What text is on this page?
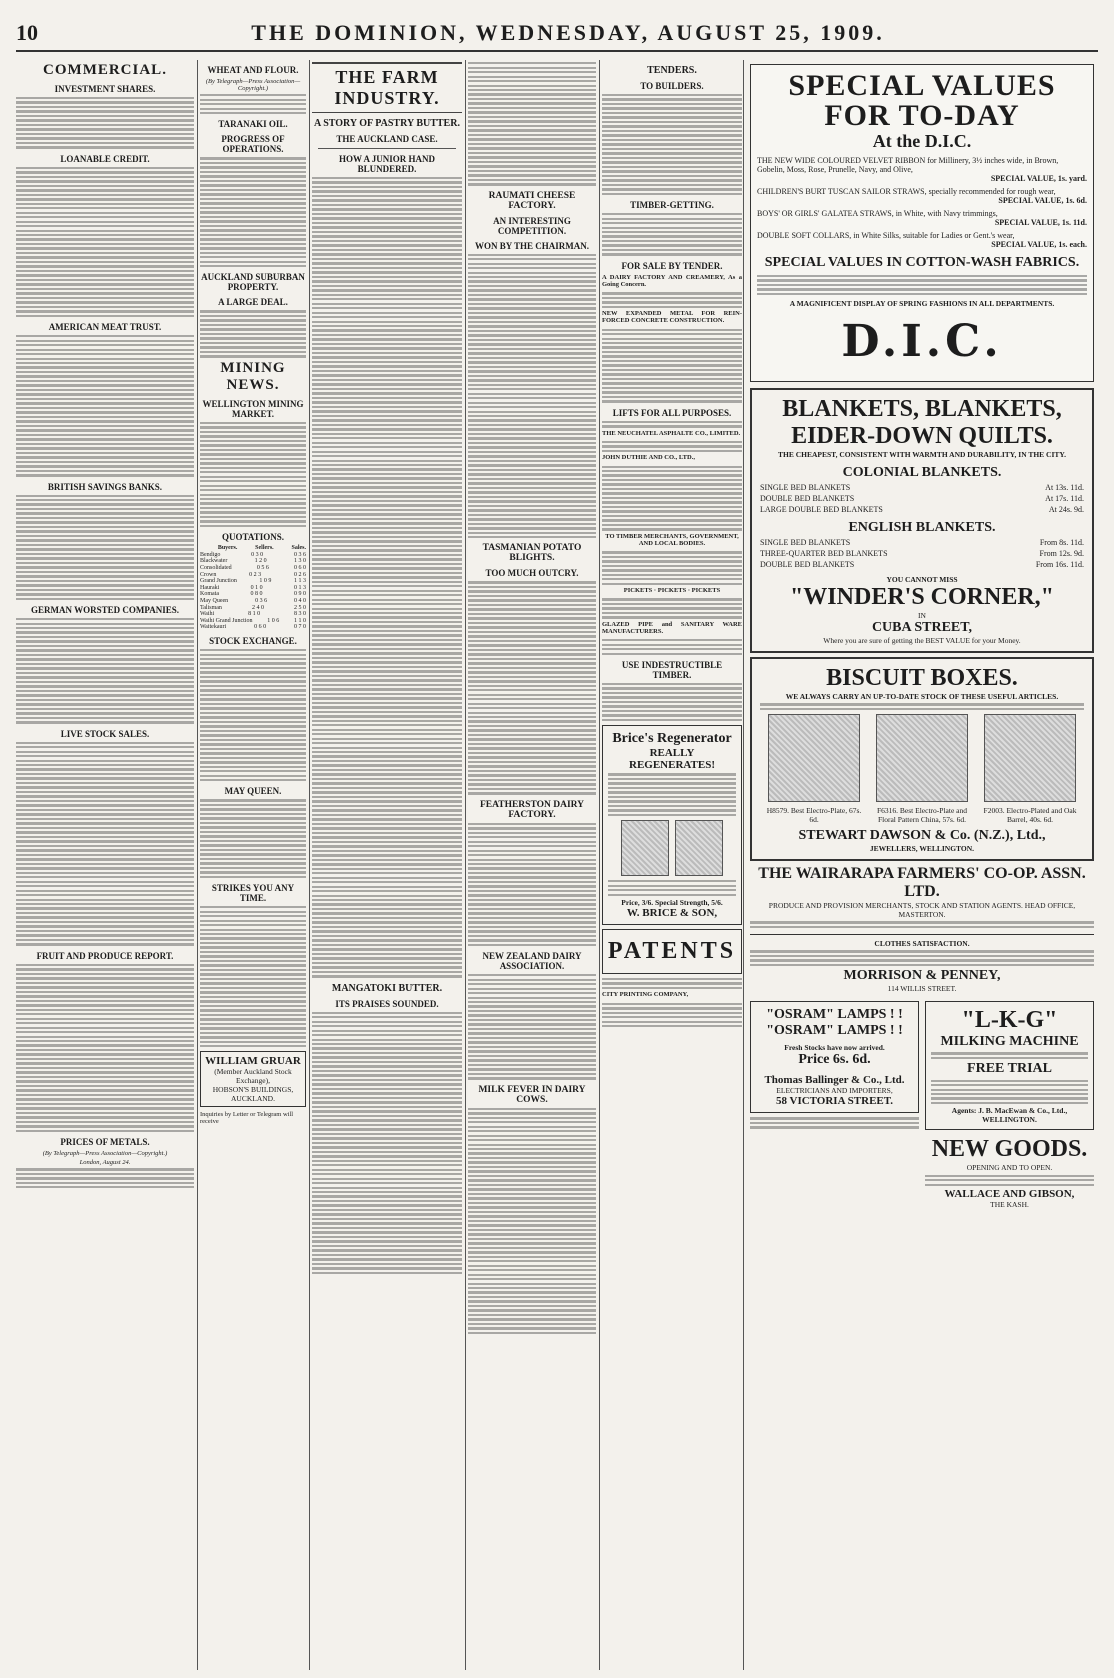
10	THE DOMINION, WEDNESDAY, AUGUST 25, 1909.
COMMERCIAL.
INVESTMENT SHARES.
LOANABLE CREDIT.
AMERICAN MEAT TRUST.
BRITISH SAVINGS BANKS.
GERMAN WORSTED COMPANIES.
LIVE STOCK SALES.
FRUIT AND PRODUCE REPORT.
PRICES OF METALS.
(By Telegraph—Press Association—Copyright.)
London, August 24.
WHEAT AND FLOUR.
(By Telegraph—Press Association—Copyright.)
TARANAKI OIL.
PROGRESS OF OPERATIONS.
AUCKLAND SUBURBAN PROPERTY.
A LARGE DEAL.
MINING NEWS.
WELLINGTON MINING MARKET.
QUOTATIONS.
Buyers.	Sellers.	Sales.
Bendigo	0 3 0	0 3 6
Blackwater	1 2 0	1 3 0
Consolidated	0 5 6	0 6 0
Crown	0 2 3	0 2 6
Grand Junction	1 0 9	1 1 3
Hauraki	0 1 0	0 1 3
Komata	0 8 0	0 9 0
May Queen	0 3 6	0 4 0
Talisman	2 4 0	2 5 0
Waihi	8 1 0	8 3 0
Waihi Grand Junction 1 0 6 1 1 0
Waitekauri	0 6 0	0 7 0
STOCK EXCHANGE.
MAY QUEEN.
STRIKES YOU ANY TIME.
WILLIAM GRUAR
(Member Auckland Stock Exchange),
HOBSON'S BUILDINGS, AUCKLAND.
Inquiries by Letter or Telegram will receive
THE FARM INDUSTRY.
A STORY OF PASTRY BUTTER.
THE AUCKLAND CASE.
HOW A JUNIOR HAND BLUNDERED.
MANGATOKI BUTTER.
ITS PRAISES SOUNDED.
RAUMATI CHEESE FACTORY.
AN INTERESTING COMPETITION.
WON BY THE CHAIRMAN.
TASMANIAN POTATO BLIGHTS.
TOO MUCH OUTCRY.
FEATHERSTON DAIRY FACTORY.
NEW ZEALAND DAIRY ASSOCIATION.
MILK FEVER IN DAIRY COWS.
TENDERS.
TO BUILDERS.
TIMBER-GETTING.
FOR SALE BY TENDER.
A DAIRY FACTORY AND CREAMERY, As a Going Concern.
NEW EXPANDED METAL FOR REIN-FORCED CONCRETE CONSTRUCTION.
LIFTS FOR ALL PURPOSES.
THE NEUCHATEL ASPHALTE CO., LIMITED.
JOHN DUTHIE AND CO., LTD.,
TO TIMBER MERCHANTS, GOVERNMENT, AND LOCAL BODIES.
PICKETS · PICKETS · PICKETS
GLAZED PIPE and SANITARY WARE MANUFACTURERS.
USE INDESTRUCTIBLE TIMBER.
Brice's Regenerator
REALLY REGENERATES!
Price, 3/6. Special Strength, 5/6.
W. BRICE & SON,
PATENTS
CITY PRINTING COMPANY,
SPECIAL VALUES FOR TO-DAY
At the D.I.C.
THE NEW WIDE COLOURED VELVET RIBBON for Millinery, 3½ inches wide, in Brown, Gobelin, Moss, Rose, Prunelle, Navy, and Olive,
SPECIAL VALUE, 1s. yard.
CHILDREN'S BURT TUSCAN SAILOR STRAWS, specially recommended for rough wear,
SPECIAL VALUE, 1s. 6d.
BOYS' OR GIRLS' GALATEA STRAWS, in White, with Navy trimmings,
SPECIAL VALUE, 1s. 11d.
DOUBLE SOFT COLLARS, in White Silks, suitable for Ladies or Gent.'s wear,
SPECIAL VALUE, 1s. each.
SPECIAL VALUES IN COTTON-WASH FABRICS.
A MAGNIFICENT DISPLAY OF SPRING FASHIONS IN ALL DEPARTMENTS.
D.I.C.
BLANKETS, BLANKETS,
EIDER-DOWN QUILTS.
THE CHEAPEST, CONSISTENT WITH WARMTH AND DURABILITY, IN THE CITY.
COLONIAL BLANKETS.
SINGLE BED BLANKETS	At 13s. 11d.
DOUBLE BED BLANKETS	At 17s. 11d.
LARGE DOUBLE BED BLANKETS	At 24s. 9d.
ENGLISH BLANKETS.
SINGLE BED BLANKETS	From 8s. 11d.
THREE-QUARTER BED BLANKETS	From 12s. 9d.
DOUBLE BED BLANKETS	From 16s. 11d.
YOU CANNOT MISS
"WINDER'S CORNER,"
IN
CUBA STREET,
Where you are sure of getting the BEST VALUE for your Money.
BISCUIT BOXES.
WE ALWAYS CARRY AN UP-TO-DATE STOCK OF THESE USEFUL ARTICLES.
H8579. Best Electro-Plate, 67s. 6d.
F6316. Best Electro-Plate and Floral Pattern China, 57s. 6d.
F2003. Electro-Plated and Oak Barrel, 40s. 6d.
STEWART DAWSON & Co. (N.Z.), Ltd.,
JEWELLERS, WELLINGTON.
THE WAIRARAPA FARMERS' CO-OP. ASSN. LTD.
PRODUCE AND PROVISION MERCHANTS, STOCK AND STATION AGENTS. HEAD OFFICE, MASTERTON.
CLOTHES SATISFACTION.
MORRISON & PENNEY,
114 WILLIS STREET.
"OSRAM" LAMPS ! !
"OSRAM" LAMPS ! !
Fresh Stocks have now arrived.
Price 6s. 6d.
Thomas Ballinger & Co., Ltd.
ELECTRICIANS AND IMPORTERS,
58 VICTORIA STREET.
"L-K-G"
MILKING MACHINE
FREE TRIAL
Agents: J. B. MacEwan & Co., Ltd., WELLINGTON.
NEW GOODS.
OPENING AND TO OPEN.
WALLACE AND GIBSON,
THE KASH.
